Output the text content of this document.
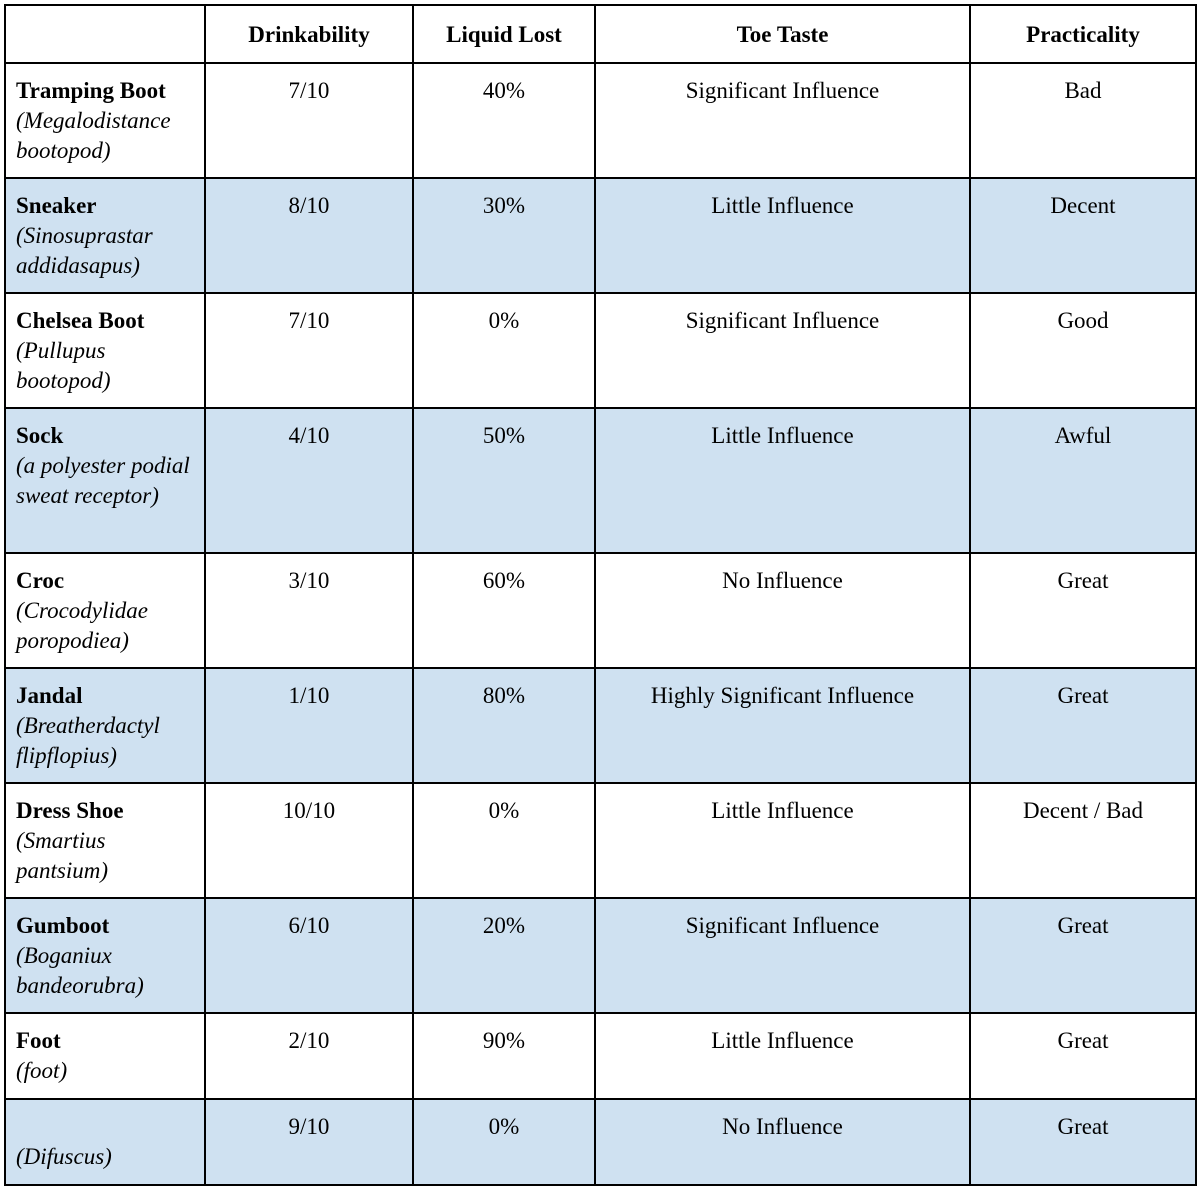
	Drinkability	Liquid Lost	Toe Taste	Practicality

Tramping Boot
(Megalodistance bootopod)	7/10	40%	Significant Influence	Bad

Sneaker
(Sinosuprastar addidasapus)	8/10	30%	Little Influence	Decent

Chelsea Boot
(Pullupus bootopod)	7/10	0%	Significant Influence	Good

Sock
(a polyester podial sweat receptor)	4/10	50%	Little Influence	Awful

Croc
(Crocodylidae poropodiea)	3/10	60%	No Influence	Great

Jandal
(Breatherdactyl flipflopius)	1/10	80%	Highly Significant Influence	Great

Dress Shoe
(Smartius pantsium)	10/10	0%	Little Influence	Decent / Bad

Gumboot
(Boganiux bandeorubra)	6/10	20%	Significant Influence	Great

Foot
(foot)	2/10	90%	Little Influence	Great

(Difuscus)	9/10	0%	No Influence	Great
